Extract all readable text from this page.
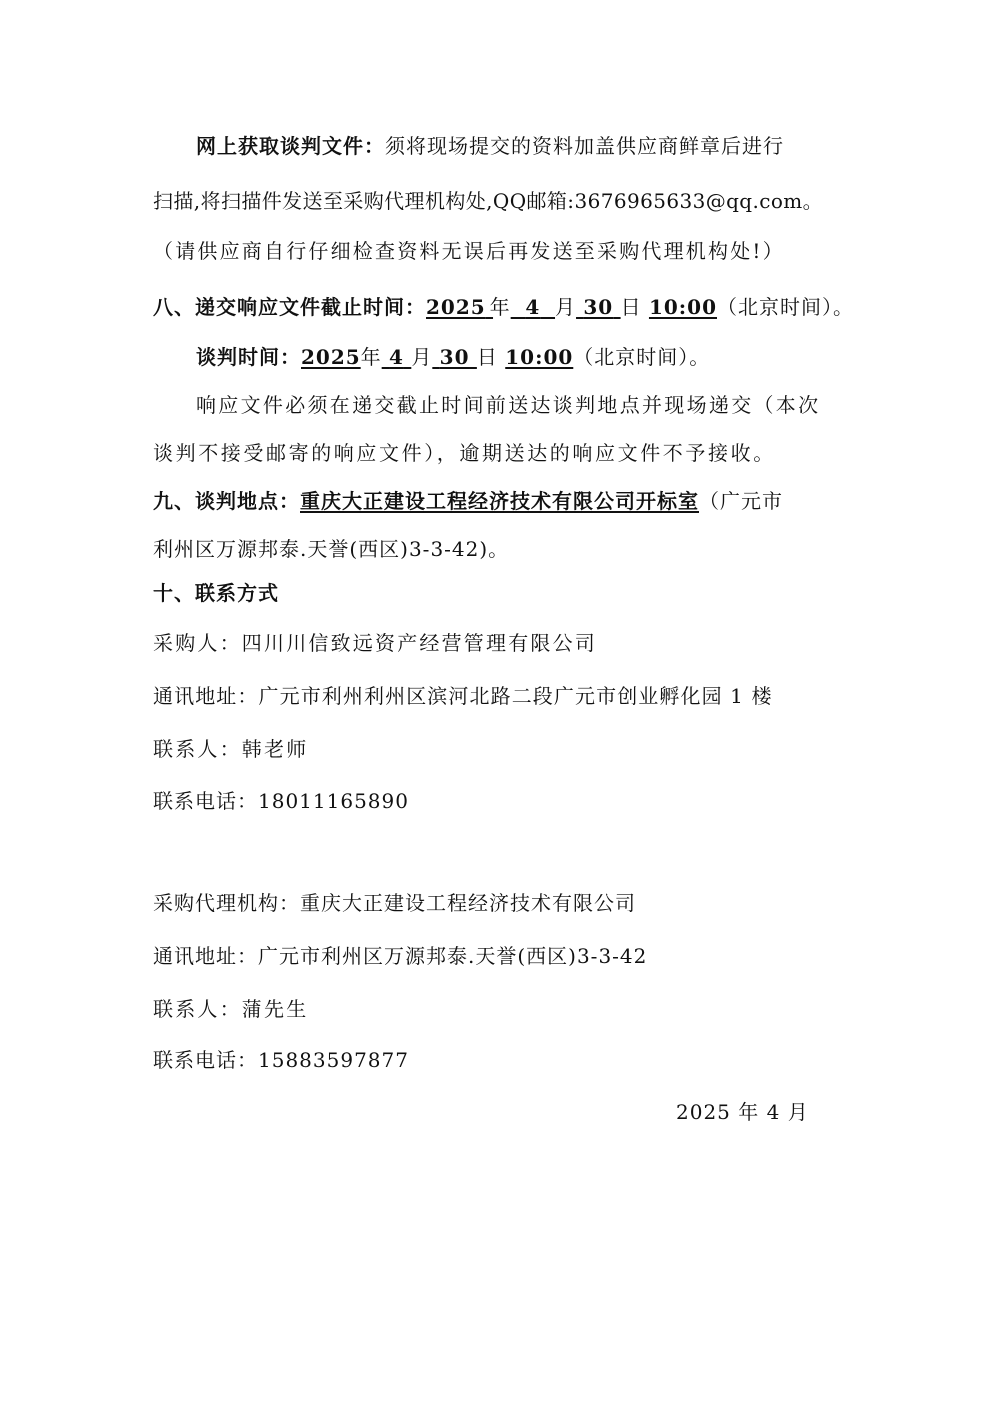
网上获取谈判文件：须将现场提交的资料加盖供应商鲜章后进行
扫描,将扫描件发送至采购代理机构处,QQ邮箱:3676965633@qq.com。
（请供应商自行仔细检查资料无误后再发送至采购代理机构处!）
八、递交响应文件截止时间：2025 年 4 月 30 日 10:00（北京时间）。
谈判时间：2025年 4 月 30 日 10:00（北京时间）。
响应文件必须在递交截止时间前送达谈判地点并现场递交（本次
谈判不接受邮寄的响应文件），逾期送达的响应文件不予接收。
九、谈判地点：重庆大正建设工程经济技术有限公司开标室（广元市
利州区万源邦泰.天誉(西区)3-3-42)。
十、联系方式
采购人：四川川信致远资产经营管理有限公司
通讯地址：广元市利州利州区滨河北路二段广元市创业孵化园 1 楼
联系人：韩老师
联系电话：18011165890
采购代理机构：重庆大正建设工程经济技术有限公司
通讯地址：广元市利州区万源邦泰.天誉(西区)3-3-42
联系人：蒲先生
联系电话：15883597877
2025 年 4 月
